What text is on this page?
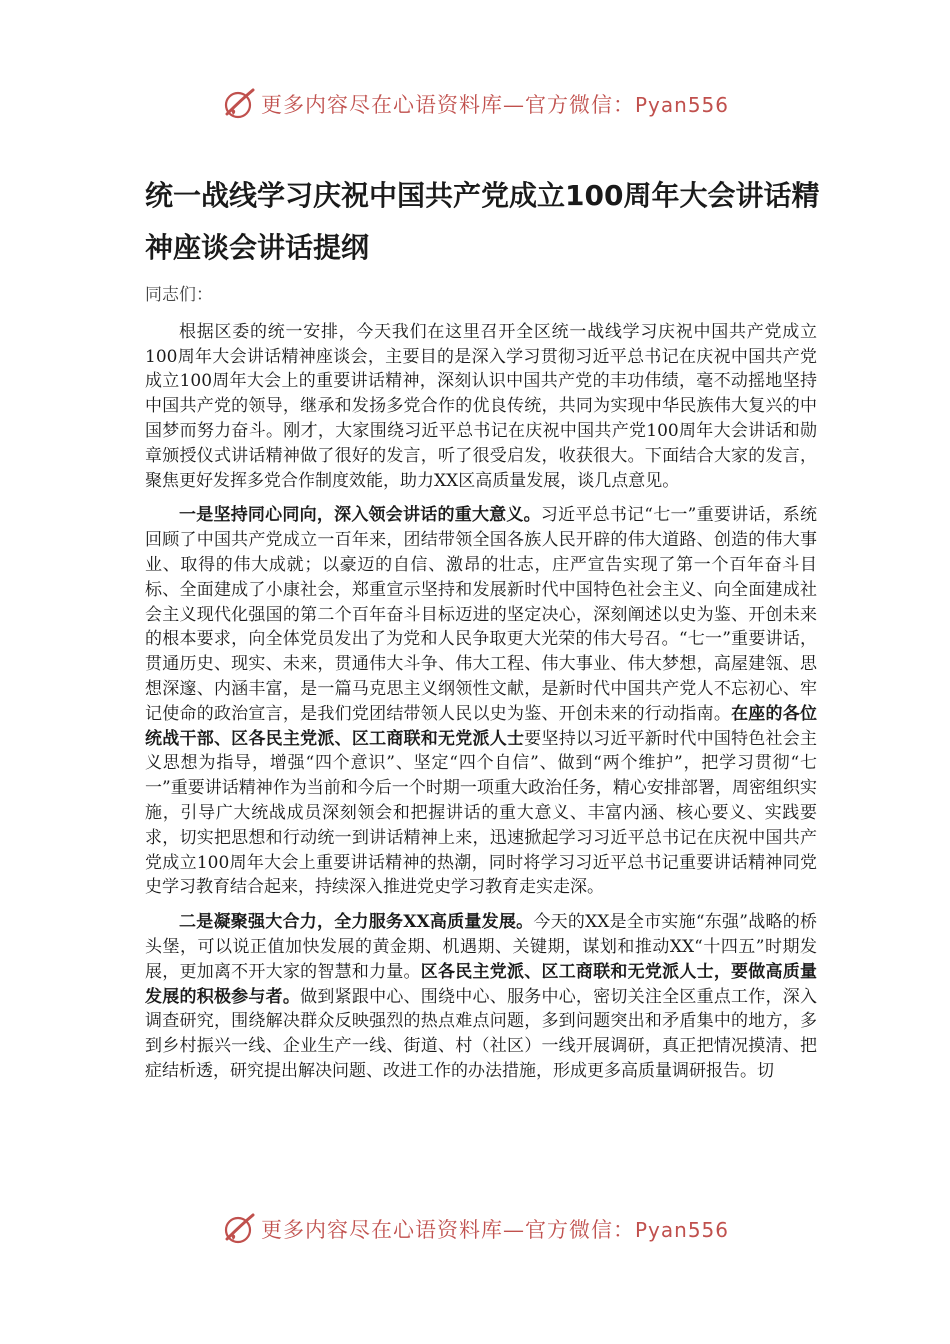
更多内容尽在心语资料库—官方微信：Pyan556
统一战线学习庆祝中国共产党成立100周年大会讲话精神座谈会讲话提纲

同志们：

根据区委的统一安排，今天我们在这里召开全区统一战线学习庆祝中国共产党成立100周年大会讲话精神座谈会，主要目的是深入学习贯彻习近平总书记在庆祝中国共产党成立100周年大会上的重要讲话精神，深刻认识中国共产党的丰功伟绩，毫不动摇地坚持中国共产党的领导，继承和发扬多党合作的优良传统，共同为实现中华民族伟大复兴的中国梦而努力奋斗。刚才，大家围绕习近平总书记在庆祝中国共产党100周年大会讲话和勋章颁授仪式讲话精神做了很好的发言，听了很受启发，收获很大。下面结合大家的发言，聚焦更好发挥多党合作制度效能，助力XX区高质量发展，谈几点意见。

一是坚持同心同向，深入领会讲话的重大意义。习近平总书记“七一”重要讲话，系统回顾了中国共产党成立一百年来，团结带领全国各族人民开辟的伟大道路、创造的伟大事业、取得的伟大成就；以豪迈的自信、激昂的壮志，庄严宣告实现了第一个百年奋斗目标、全面建成了小康社会，郑重宣示坚持和发展新时代中国特色社会主义、向全面建成社会主义现代化强国的第二个百年奋斗目标迈进的坚定决心，深刻阐述以史为鉴、开创未来的根本要求，向全体党员发出了为党和人民争取更大光荣的伟大号召。“七一”重要讲话，贯通历史、现实、未来，贯通伟大斗争、伟大工程、伟大事业、伟大梦想，高屋建瓴、思想深邃、内涵丰富，是一篇马克思主义纲领性文献，是新时代中国共产党人不忘初心、牢记使命的政治宣言，是我们党团结带领人民以史为鉴、开创未来的行动指南。在座的各位统战干部、区各民主党派、区工商联和无党派人士要坚持以习近平新时代中国特色社会主义思想为指导，增强“四个意识”、坚定“四个自信”、做到“两个维护”，把学习贯彻“七一”重要讲话精神作为当前和今后一个时期一项重大政治任务，精心安排部署，周密组织实施，引导广大统战成员深刻领会和把握讲话的重大意义、丰富内涵、核心要义、实践要求，切实把思想和行动统一到讲话精神上来，迅速掀起学习习近平总书记在庆祝中国共产党成立100周年大会上重要讲话精神的热潮，同时将学习习近平总书记重要讲话精神同党史学习教育结合起来，持续深入推进党史学习教育走实走深。

二是凝聚强大合力，全力服务XX高质量发展。今天的XX是全市实施“东强”战略的桥头堡，可以说正值加快发展的黄金期、机遇期、关键期，谋划和推动XX“十四五”时期发展，更加离不开大家的智慧和力量。区各民主党派、区工商联和无党派人士，要做高质量发展的积极参与者。做到紧跟中心、围绕中心、服务中心，密切关注全区重点工作，深入调查研究，围绕解决群众反映强烈的热点难点问题，多到问题突出和矛盾集中的地方，多到乡村振兴一线、企业生产一线、街道、村（社区）一线开展调研，真正把情况摸清、把症结析透，研究提出解决问题、改进工作的办法措施，形成更多高质量调研报告。切

更多内容尽在心语资料库—官方微信：Pyan556
